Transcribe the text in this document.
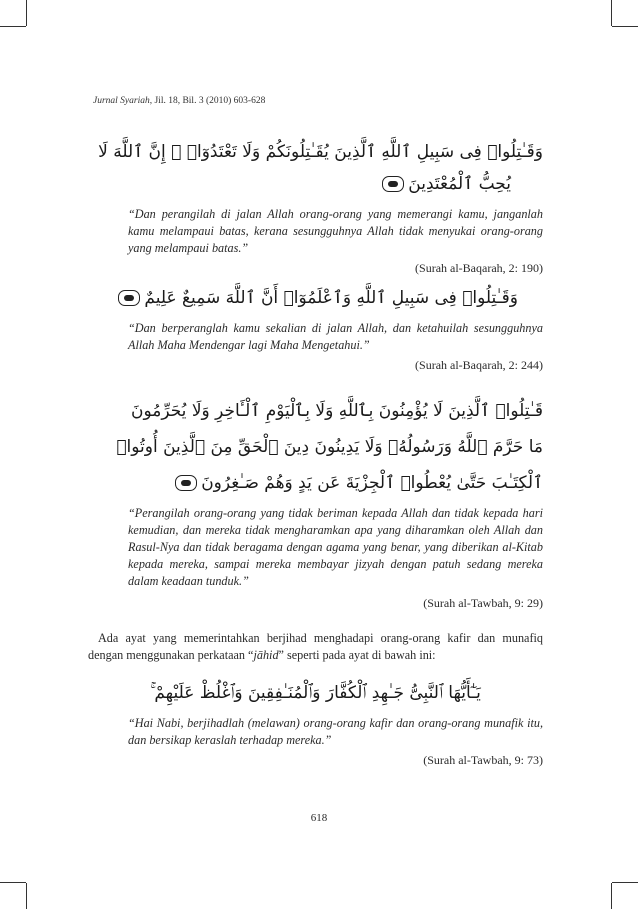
Jurnal Syariah, Jil. 18, Bil. 3 (2010) 603-628
وَقَـٰتِلُوا۟ فِى سَبِيلِ ٱللَّهِ ٱلَّذِينَ يُقَـٰتِلُونَكُمْ وَلَا تَعْتَدُوٓا۟ ۚ إِنَّ ٱللَّهَ لَا
يُحِبُّ ٱلْمُعْتَدِينَ
“Dan perangilah di jalan Allah orang-orang yang memerangi kamu, janganlah kamu melampaui batas, kerana sesungguhnya Allah tidak menyukai orang-orang yang melampaui batas.”
(Surah al-Baqarah, 2: 190)
وَقَـٰتِلُوا۟ فِى سَبِيلِ ٱللَّهِ وَٱعْلَمُوٓا۟ أَنَّ ٱللَّهَ سَمِيعٌ عَلِيمٌ
“Dan berperanglah kamu sekalian di jalan Allah, dan ketahuilah sesungguhnya Allah Maha Mendengar lagi Maha Mengetahui.”
(Surah al-Baqarah, 2: 244)
قَـٰتِلُوا۟ ٱلَّذِينَ لَا يُؤْمِنُونَ بِٱللَّهِ وَلَا بِٱلْيَوْمِ ٱلْـَٔاخِرِ وَلَا يُحَرِّمُونَ
مَا حَرَّمَ ٱللَّهُ وَرَسُولُهُۥ وَلَا يَدِينُونَ دِينَ ٱلْحَقِّ مِنَ ٱلَّذِينَ أُوتُوا۟
ٱلْكِتَـٰبَ حَتَّىٰ يُعْطُوا۟ ٱلْجِزْيَةَ عَن يَدٍ وَهُمْ صَـٰغِرُونَ
“Perangilah orang-orang yang tidak beriman kepada Allah dan tidak kepada hari kemudian, dan mereka tidak mengharamkan apa yang diharamkan oleh Allah dan Rasul-Nya dan tidak beragama dengan agama yang benar, yang diberikan al-Kitab kepada mereka, sampai mereka membayar jizyah dengan patuh sedang mereka dalam keadaan tunduk.”
(Surah al-Tawbah, 9: 29)
Ada ayat yang memerintahkan berjihad menghadapi orang-orang kafir dan munafiq dengan menggunakan perkataan “jāhid” seperti pada ayat di bawah ini:
يَـٰٓأَيُّهَا ٱلنَّبِىُّ جَـٰهِدِ ٱلْكُفَّارَ وَٱلْمُنَـٰفِقِينَ وَٱغْلُظْ عَلَيْهِمْ ۚ
“Hai Nabi, berjihadlah (melawan) orang-orang kafir dan orang-orang munafik itu, dan bersikap keraslah terhadap mereka.”
(Surah al-Tawbah, 9: 73)
618
